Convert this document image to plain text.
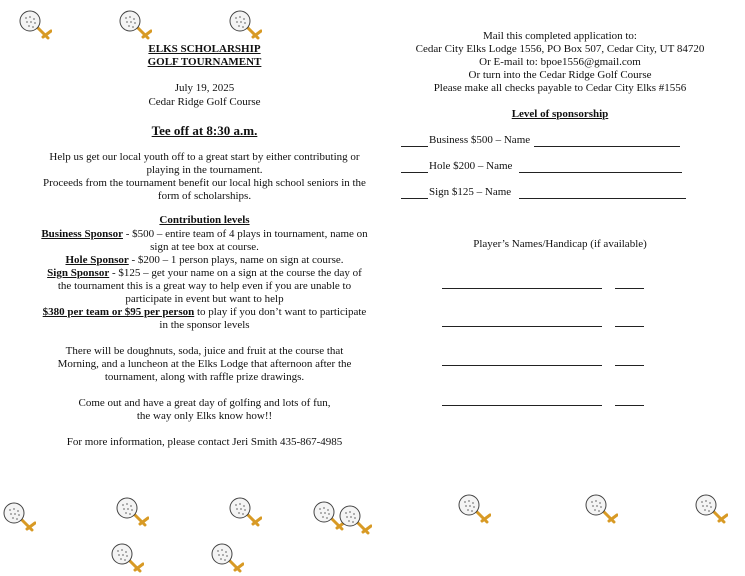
ELKS SCHOLARSHIP
GOLF TOURNAMENT
July 19, 2025
Cedar Ridge Golf Course
Tee off at 8:30 a.m.
Help us get our local youth off to a great start by either contributing or
playing in the tournament.
Proceeds from the tournament benefit our local high school seniors in the
form of scholarships.
Contribution levels
Business Sponsor - $500 – entire team of 4 plays in tournament, name on
sign at tee box at course.
Hole Sponsor - $200 – 1 person plays, name on sign at course.
Sign Sponsor - $125 – get your name on a sign at the course the day of
the tournament this is a great way to help even if you are unable to
participate in event but want to help
$380 per team or $95 per person to play if you don’t want to participate
in the sponsor levels
There will be doughnuts, soda, juice and fruit at the course that
Morning, and a luncheon at the Elks Lodge that afternoon after the
tournament, along with raffle prize drawings.
Come out and have a great day of golfing and lots of fun,
the way only Elks know how!!
For more information, please contact Jeri Smith 435-867-4985
Mail this completed application to:
Cedar City Elks Lodge 1556, PO Box 507, Cedar City, UT 84720
Or E-mail to: bpoe1556@gmail.com
Or turn into the Cedar Ridge Golf Course
Please make all checks payable to Cedar City Elks #1556
Level of sponsorship
Business $500 – Name
Hole $200 – Name
Sign $125 – Name
Player’s Names/Handicap (if available)
